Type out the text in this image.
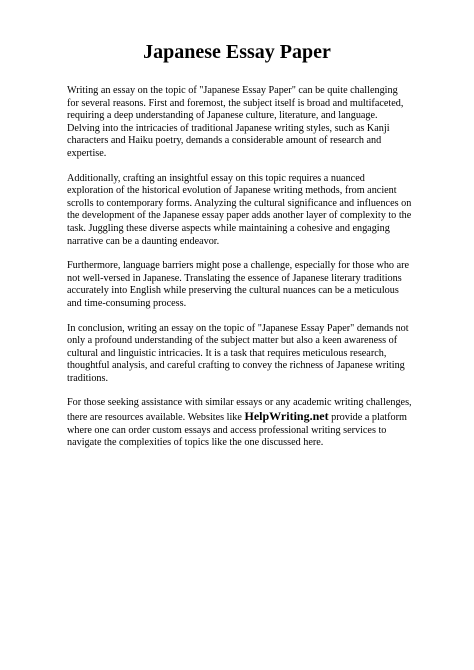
Japanese Essay Paper

Writing an essay on the topic of "Japanese Essay Paper" can be quite challenging for several reasons. First and foremost, the subject itself is broad and multifaceted, requiring a deep understanding of Japanese culture, literature, and language. Delving into the intricacies of traditional Japanese writing styles, such as Kanji characters and Haiku poetry, demands a considerable amount of research and expertise.

Additionally, crafting an insightful essay on this topic requires a nuanced exploration of the historical evolution of Japanese writing methods, from ancient scrolls to contemporary forms. Analyzing the cultural significance and influences on the development of the Japanese essay paper adds another layer of complexity to the task. Juggling these diverse aspects while maintaining a cohesive and engaging narrative can be a daunting endeavor.

Furthermore, language barriers might pose a challenge, especially for those who are not well-versed in Japanese. Translating the essence of Japanese literary traditions accurately into English while preserving the cultural nuances can be a meticulous and time-consuming process.

In conclusion, writing an essay on the topic of "Japanese Essay Paper" demands not only a profound understanding of the subject matter but also a keen awareness of cultural and linguistic intricacies. It is a task that requires meticulous research, thoughtful analysis, and careful crafting to convey the richness of Japanese writing traditions.

For those seeking assistance with similar essays or any academic writing challenges, there are resources available. Websites like HelpWriting.net provide a platform where one can order custom essays and access professional writing services to navigate the complexities of topics like the one discussed here.
